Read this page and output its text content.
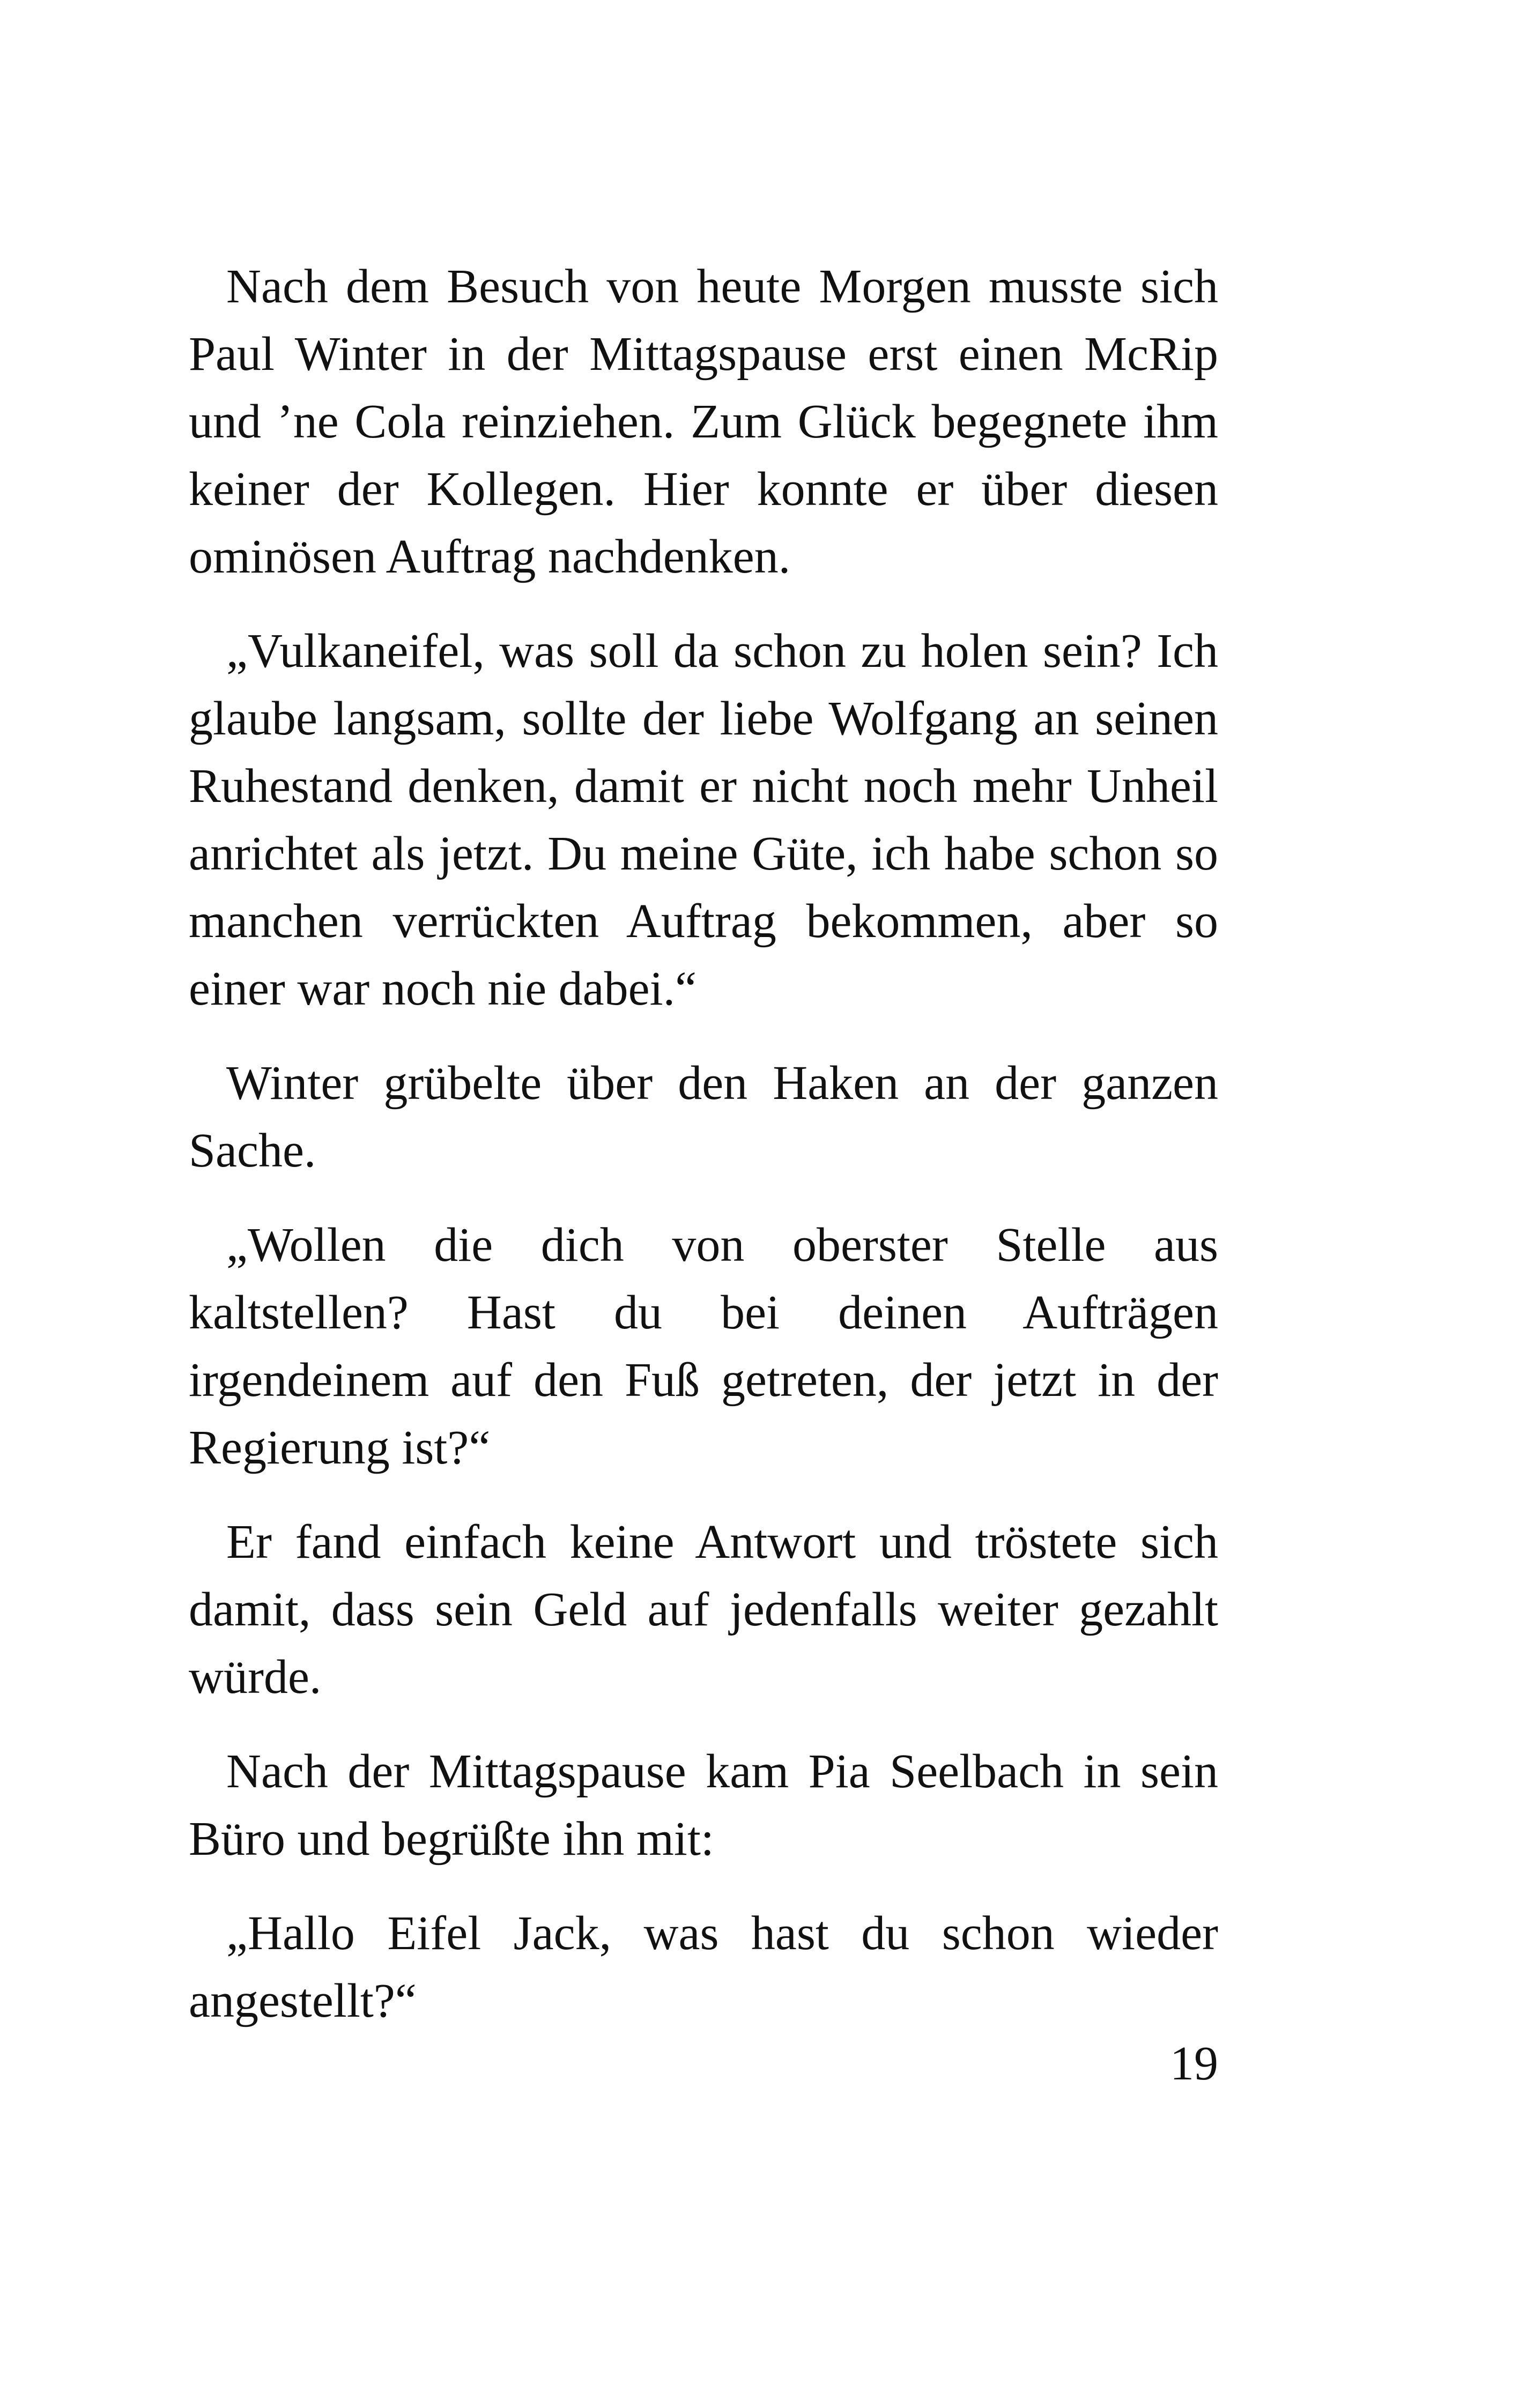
Nach dem Besuch von heute Morgen musste sich Paul Winter in der Mittagspause erst einen McRip und ’ne Cola reinziehen. Zum Glück begegnete ihm keiner der Kollegen. Hier konnte er über diesen ominösen Auftrag nachdenken.

„Vulkaneifel, was soll da schon zu holen sein? Ich glaube langsam, sollte der liebe Wolfgang an seinen Ruhestand denken, damit er nicht noch mehr Unheil anrichtet als jetzt. Du meine Güte, ich habe schon so manchen verrückten Auftrag bekommen, aber so einer war noch nie dabei.“

Winter grübelte über den Haken an der ganzen Sache.

„Wollen die dich von oberster Stelle aus kaltstellen? Hast du bei deinen Aufträgen irgendeinem auf den Fuß getreten, der jetzt in der Regierung ist?“

Er fand einfach keine Antwort und tröstete sich damit, dass sein Geld auf jedenfalls weiter gezahlt würde.

Nach der Mittagspause kam Pia Seelbach in sein Büro und begrüßte ihn mit:

„Hallo Eifel Jack, was hast du schon wieder angestellt?“

19
